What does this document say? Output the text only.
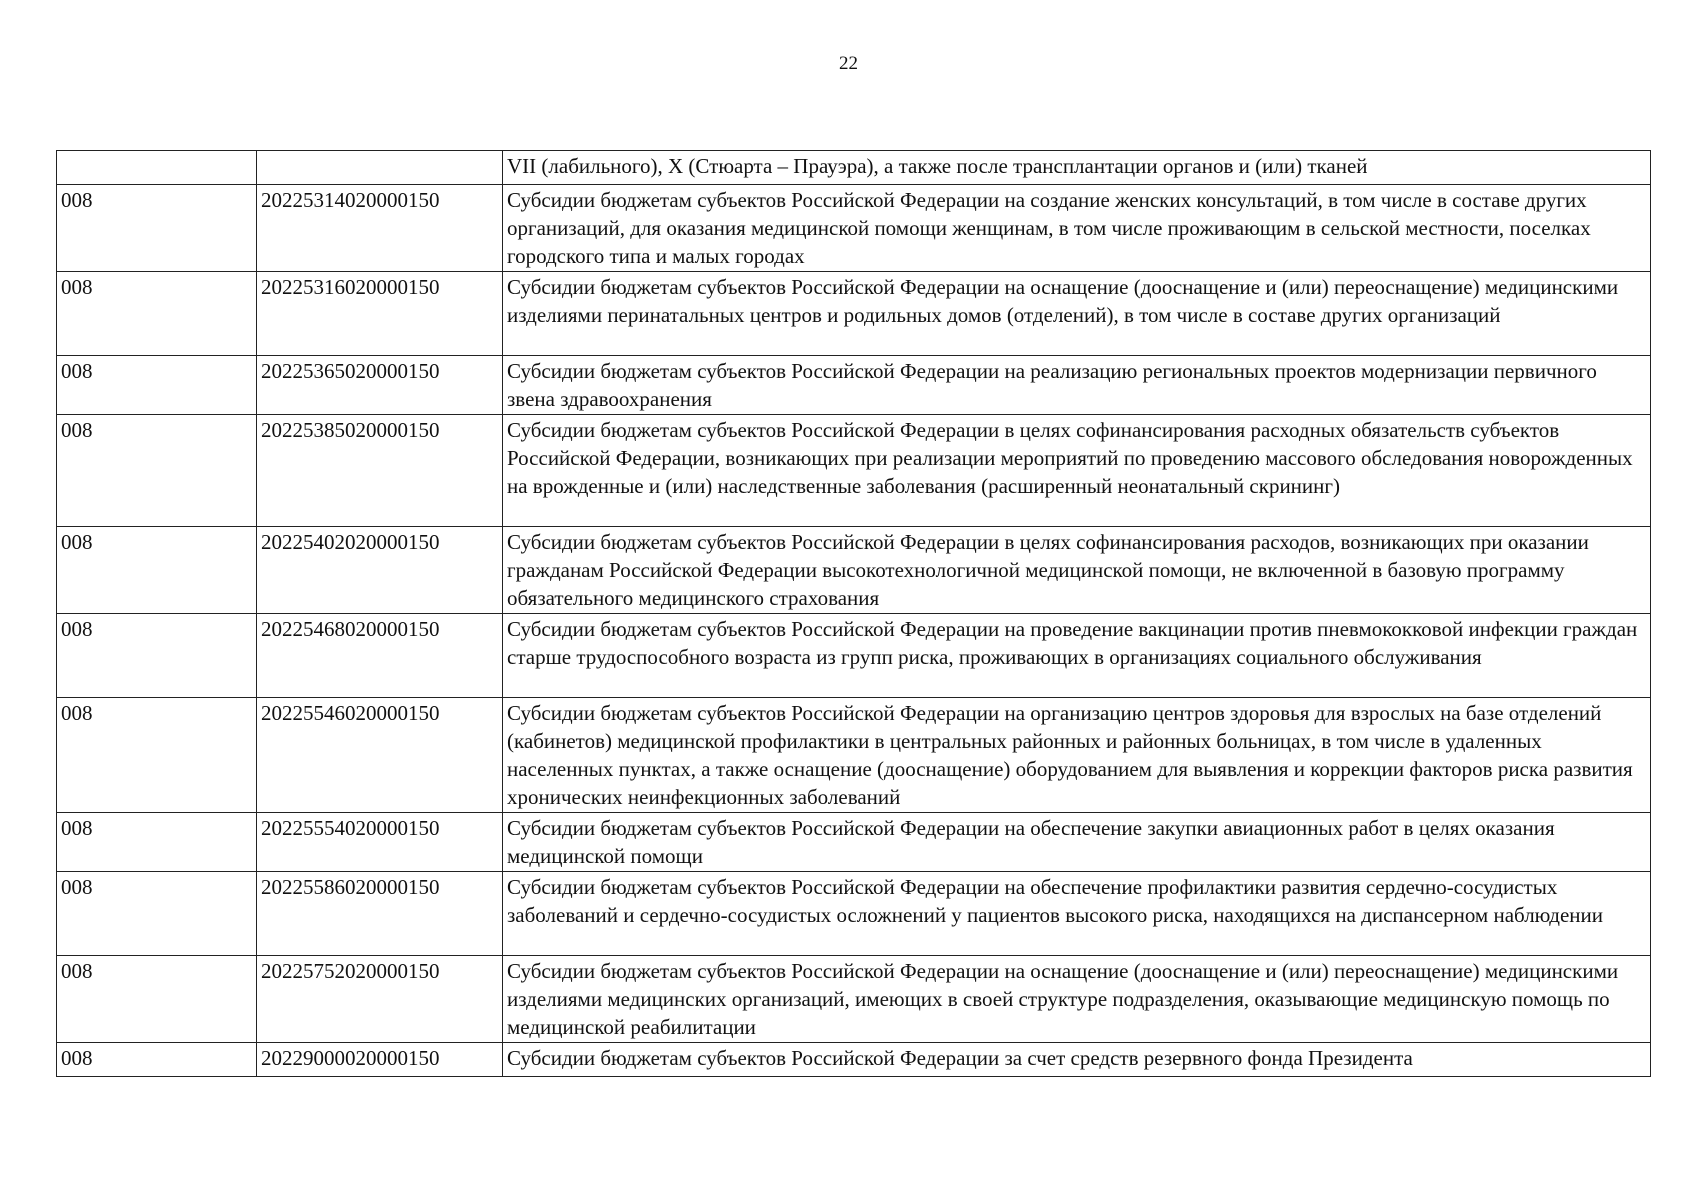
22
		VII (лабильного), X (Стюарта – Прауэра), а также после трансплантации органов и (или) тканей
008	20225314020000150	Субсидии бюджетам субъектов Российской Федерации на создание женских консультаций, в том числе в составе других организаций, для оказания медицинской помощи женщинам, в том числе проживающим в сельской местности, поселках городского типа и малых городах
008	20225316020000150	Субсидии бюджетам субъектов Российской Федерации на оснащение (дооснащение и (или) переоснащение) медицинскими изделиями перинатальных центров и родильных домов (отделений), в том числе в составе других организаций
008	20225365020000150	Субсидии бюджетам субъектов Российской Федерации на реализацию региональных проектов модернизации первичного звена здравоохранения
008	20225385020000150	Субсидии бюджетам субъектов Российской Федерации в целях софинансирования расходных обязательств субъектов Российской Федерации, возникающих при реализации мероприятий по проведению массового обследования новорожденных на врожденные и (или) наследственные заболевания (расширенный неонатальный скрининг)
008	20225402020000150	Субсидии бюджетам субъектов Российской Федерации в целях софинансирования расходов, возникающих при оказании гражданам Российской Федерации высокотехнологичной медицинской помощи, не включенной в базовую программу обязательного медицинского страхования
008	20225468020000150	Субсидии бюджетам субъектов Российской Федерации на проведение вакцинации против пневмококковой инфекции граждан старше трудоспособного возраста из групп риска, проживающих в организациях социального обслуживания
008	20225546020000150	Субсидии бюджетам субъектов Российской Федерации на организацию центров здоровья для взрослых на базе отделений (кабинетов) медицинской профилактики в центральных районных и районных больницах, в том числе в удаленных населенных пунктах, а также оснащение (дооснащение) оборудованием для выявления и коррекции факторов риска развития хронических неинфекционных заболеваний
008	20225554020000150	Субсидии бюджетам субъектов Российской Федерации на обеспечение закупки авиационных работ в целях оказания медицинской помощи
008	20225586020000150	Субсидии бюджетам субъектов Российской Федерации на обеспечение профилактики развития сердечно-сосудистых заболеваний и сердечно-сосудистых осложнений у пациентов высокого риска, находящихся на диспансерном наблюдении
008	20225752020000150	Субсидии бюджетам субъектов Российской Федерации на оснащение (дооснащение и (или) переоснащение) медицинскими изделиями медицинских организаций, имеющих в своей структуре подразделения, оказывающие медицинскую помощь по медицинской реабилитации
008	20229000020000150	Субсидии бюджетам субъектов Российской Федерации за счет средств резервного фонда Президента
